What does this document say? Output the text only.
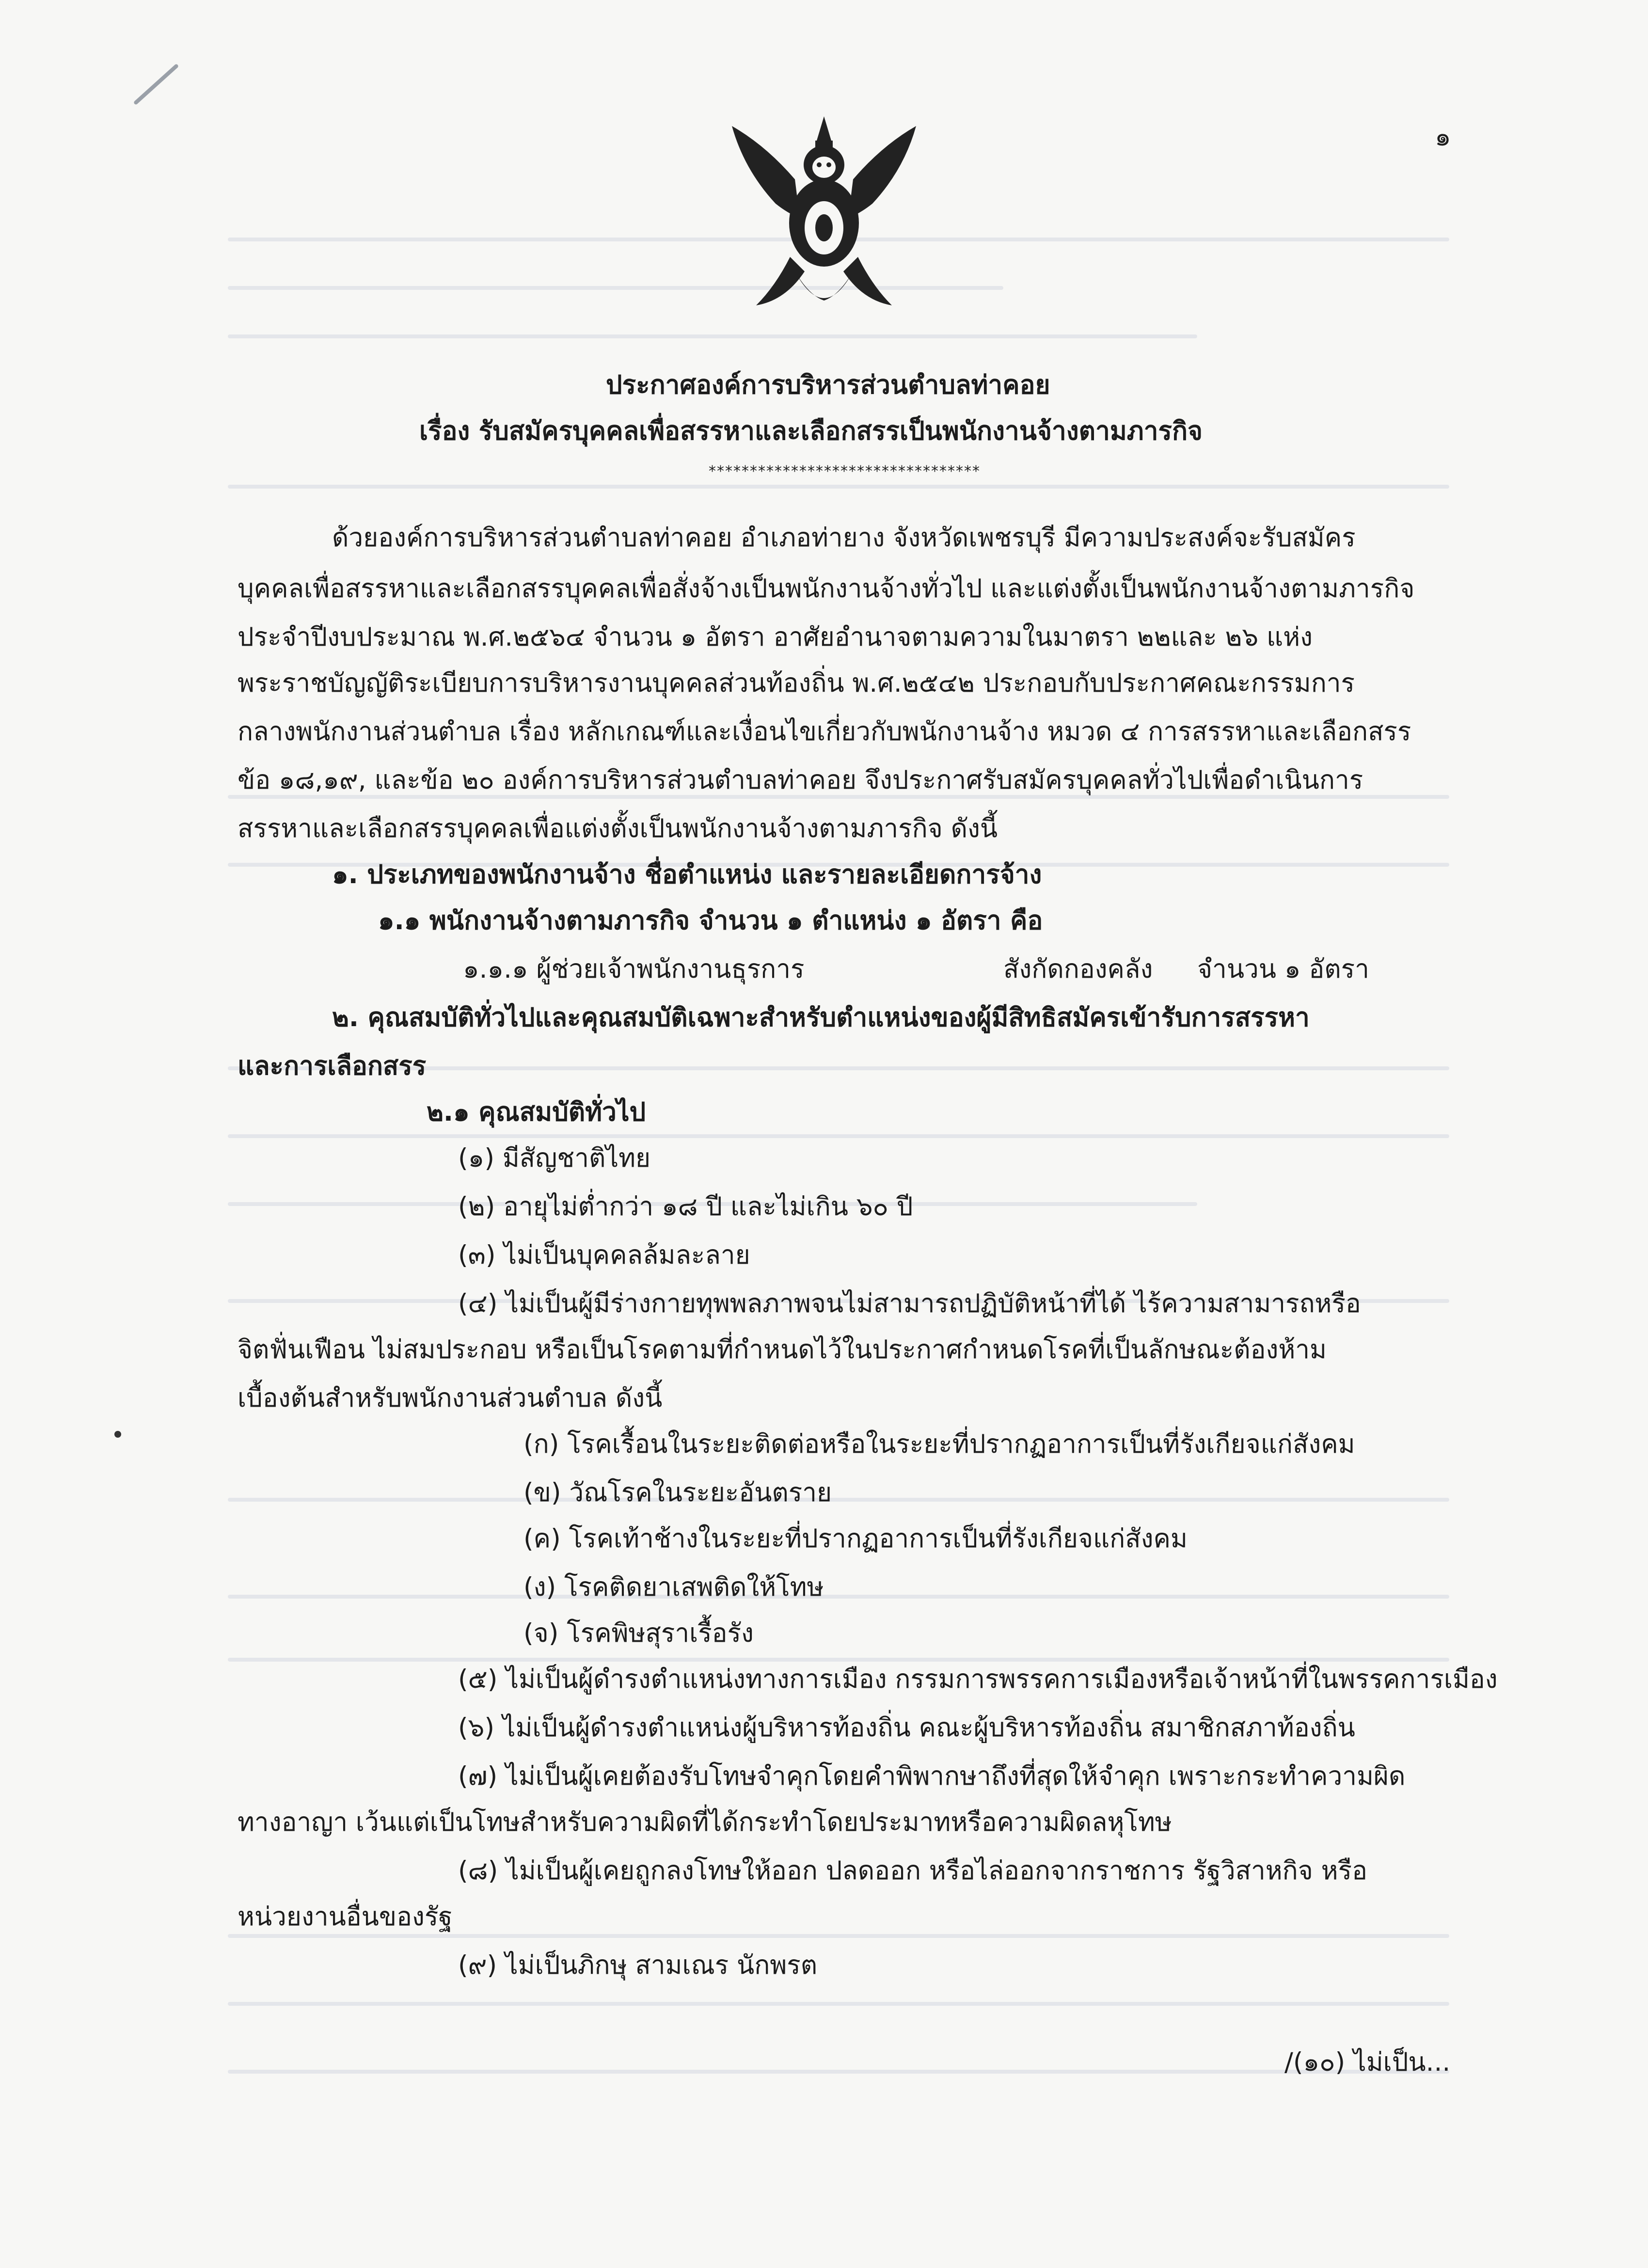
๑
ประกาศองค์การบริหารส่วนตำบลท่าคอย
เรื่อง รับสมัครบุคคลเพื่อสรรหาและเลือกสรรเป็นพนักงานจ้างตามภารกิจ
*********************************
ด้วยองค์การบริหารส่วนตำบลท่าคอย อำเภอท่ายาง จังหวัดเพชรบุรี มีความประสงค์จะรับสมัคร
บุคคลเพื่อสรรหาและเลือกสรรบุคคลเพื่อสั่งจ้างเป็นพนักงานจ้างทั่วไป และแต่งตั้งเป็นพนักงานจ้างตามภารกิจ
ประจำปีงบประมาณ พ.ศ.๒๕๖๔ จำนวน ๑ อัตรา อาศัยอำนาจตามความในมาตรา ๒๒และ ๒๖ แห่ง
พระราชบัญญัติระเบียบการบริหารงานบุคคลส่วนท้องถิ่น พ.ศ.๒๕๔๒ ประกอบกับประกาศคณะกรรมการ
กลางพนักงานส่วนตำบล เรื่อง หลักเกณฑ์และเงื่อนไขเกี่ยวกับพนักงานจ้าง หมวด ๔ การสรรหาและเลือกสรร
ข้อ ๑๘,๑๙, และข้อ ๒๐ องค์การบริหารส่วนตำบลท่าคอย จึงประกาศรับสมัครบุคคลทั่วไปเพื่อดำเนินการ
สรรหาและเลือกสรรบุคคลเพื่อแต่งตั้งเป็นพนักงานจ้างตามภารกิจ ดังนี้
๑. ประเภทของพนักงานจ้าง ชื่อตำแหน่ง และรายละเอียดการจ้าง
๑.๑ พนักงานจ้างตามภารกิจ จำนวน ๑ ตำแหน่ง ๑ อัตรา คือ
๑.๑.๑ ผู้ช่วยเจ้าพนักงานธุรการ	สังกัดกองคลัง จำนวน ๑ อัตรา
๒. คุณสมบัติทั่วไปและคุณสมบัติเฉพาะสำหรับตำแหน่งของผู้มีสิทธิสมัครเข้ารับการสรรหา
และการเลือกสรร
๒.๑ คุณสมบัติทั่วไป
(๑) มีสัญชาติไทย
(๒) อายุไม่ต่ำกว่า ๑๘ ปี และไม่เกิน ๖๐ ปี
(๓) ไม่เป็นบุคคลล้มละลาย
(๔) ไม่เป็นผู้มีร่างกายทุพพลภาพจนไม่สามารถปฏิบัติหน้าที่ได้ ไร้ความสามารถหรือ
จิตฟั่นเฟือน ไม่สมประกอบ หรือเป็นโรคตามที่กำหนดไว้ในประกาศกำหนดโรคที่เป็นลักษณะต้องห้าม
เบื้องต้นสำหรับพนักงานส่วนตำบล ดังนี้
(ก) โรคเรื้อนในระยะติดต่อหรือในระยะที่ปรากฏอาการเป็นที่รังเกียจแก่สังคม
(ข) วัณโรคในระยะอันตราย
(ค) โรคเท้าช้างในระยะที่ปรากฏอาการเป็นที่รังเกียจแก่สังคม
(ง) โรคติดยาเสพติดให้โทษ
(จ) โรคพิษสุราเรื้อรัง
(๕) ไม่เป็นผู้ดำรงตำแหน่งทางการเมือง กรรมการพรรคการเมืองหรือเจ้าหน้าที่ในพรรคการเมือง
(๖) ไม่เป็นผู้ดำรงตำแหน่งผู้บริหารท้องถิ่น คณะผู้บริหารท้องถิ่น สมาชิกสภาท้องถิ่น
(๗) ไม่เป็นผู้เคยต้องรับโทษจำคุกโดยคำพิพากษาถึงที่สุดให้จำคุก เพราะกระทำความผิด
ทางอาญา เว้นแต่เป็นโทษสำหรับความผิดที่ได้กระทำโดยประมาทหรือความผิดลหุโทษ
(๘) ไม่เป็นผู้เคยถูกลงโทษให้ออก ปลดออก หรือไล่ออกจากราชการ รัฐวิสาหกิจ หรือ
หน่วยงานอื่นของรัฐ
(๙) ไม่เป็นภิกษุ สามเณร นักพรต
/(๑๐) ไม่เป็น...
